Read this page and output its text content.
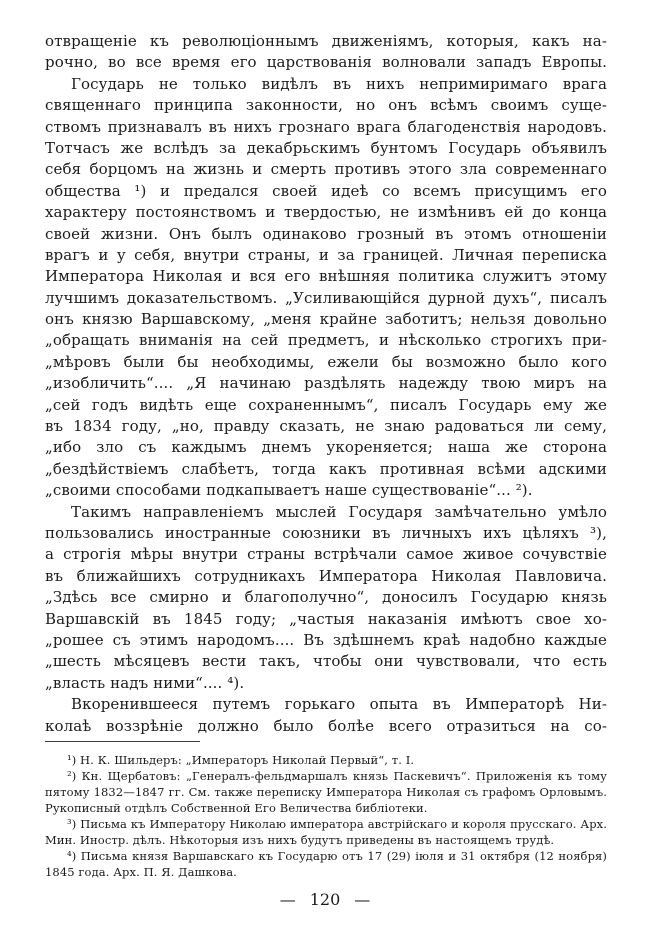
отвращеніе къ революціоннымъ движеніямъ, которыя, какъ на-
рочно, во все время его царствованія волновали западъ Европы.
Государь не только видѣлъ въ нихъ непримиримаго врага
священнаго принципа законности, но онъ всѣмъ своимъ суще-
ствомъ признавалъ въ нихъ грознаго врага благоденствія народовъ.
Тотчасъ же вслѣдъ за декабрьскимъ бунтомъ Государь объявилъ
себя борцомъ на жизнь и смерть противъ этого зла современнаго
общества ¹) и предался своей идеѣ со всемъ присущимъ его
характеру постоянствомъ и твердостью, не измѣнивъ ей до конца
своей жизни. Онъ былъ одинаково грозный въ этомъ отношеніи
врагъ и у себя, внутри страны, и за границей. Личная переписка
Императора Николая и вся его внѣшняя политика служитъ этому
лучшимъ доказательствомъ. „Усиливающійся дурной духъ“, писалъ
онъ князю Варшавскому, „меня крайне заботитъ; нельзя довольно
„обращать вниманія на сей предметъ, и нѣсколько строгихъ при-
„мѣровъ были бы необходимы, ежели бы возможно было кого
„изобличить“.... „Я начинаю раздѣлять надежду твою миръ на
„сей годъ видѣть еще сохраненнымъ“, писалъ Государь ему же
въ 1834 году, „но, правду сказать, не знаю радоваться ли сему,
„ибо зло съ каждымъ днемъ укореняется; наша же сторона
„бездѣйствіемъ слабѣетъ, тогда какъ противная всѣми адскими
„своими способами подкапываетъ наше существованіе“... ²).
Такимъ направленіемъ мыслей Государя замѣчательно умѣло
пользовались иностранные союзники въ личныхъ ихъ цѣляхъ ³),
а строгія мѣры внутри страны встрѣчали самое живое сочувствіе
въ ближайшихъ сотрудникахъ Императора Николая Павловича.
„Здѣсь все смирно и благополучно“, доносилъ Государю князь
Варшавскій въ 1845 году; „частыя наказанія имѣютъ свое хо-
„рошее съ этимъ народомъ.... Въ здѣшнемъ краѣ надобно каждые
„шесть мѣсяцевъ вести такъ, чтобы они чувствовали, что есть
„власть надъ ними“.... ⁴).
Вкоренившееся путемъ горькаго опыта въ Императорѣ Ни-
колаѣ воззрѣніе должно было болѣе всего отразиться на со-
¹) Н. К. Шильдеръ: „Императоръ Николай Первый“, т. I.
²) Кн. Щербатовъ: „Генералъ-фельдмаршалъ князь Паскевичъ“. Приложенія къ тому
пятому 1832—1847 гг. См. также переписку Императора Николая съ графомъ Орловымъ.
Рукописный отдѣлъ Собственной Его Величества библіотеки.
³) Письма къ Императору Николаю императора австрійскаго и короля прусскаго. Арх.
Мин. Иностр. дѣлъ. Нѣкоторыя изъ нихъ будутъ приведены въ настоящемъ трудѣ.
⁴) Письма князя Варшавскаго къ Государю отъ 17 (29) іюля и 31 октября (12 ноября)
1845 года. Арх. П. Я. Дашкова.
— 120 —
